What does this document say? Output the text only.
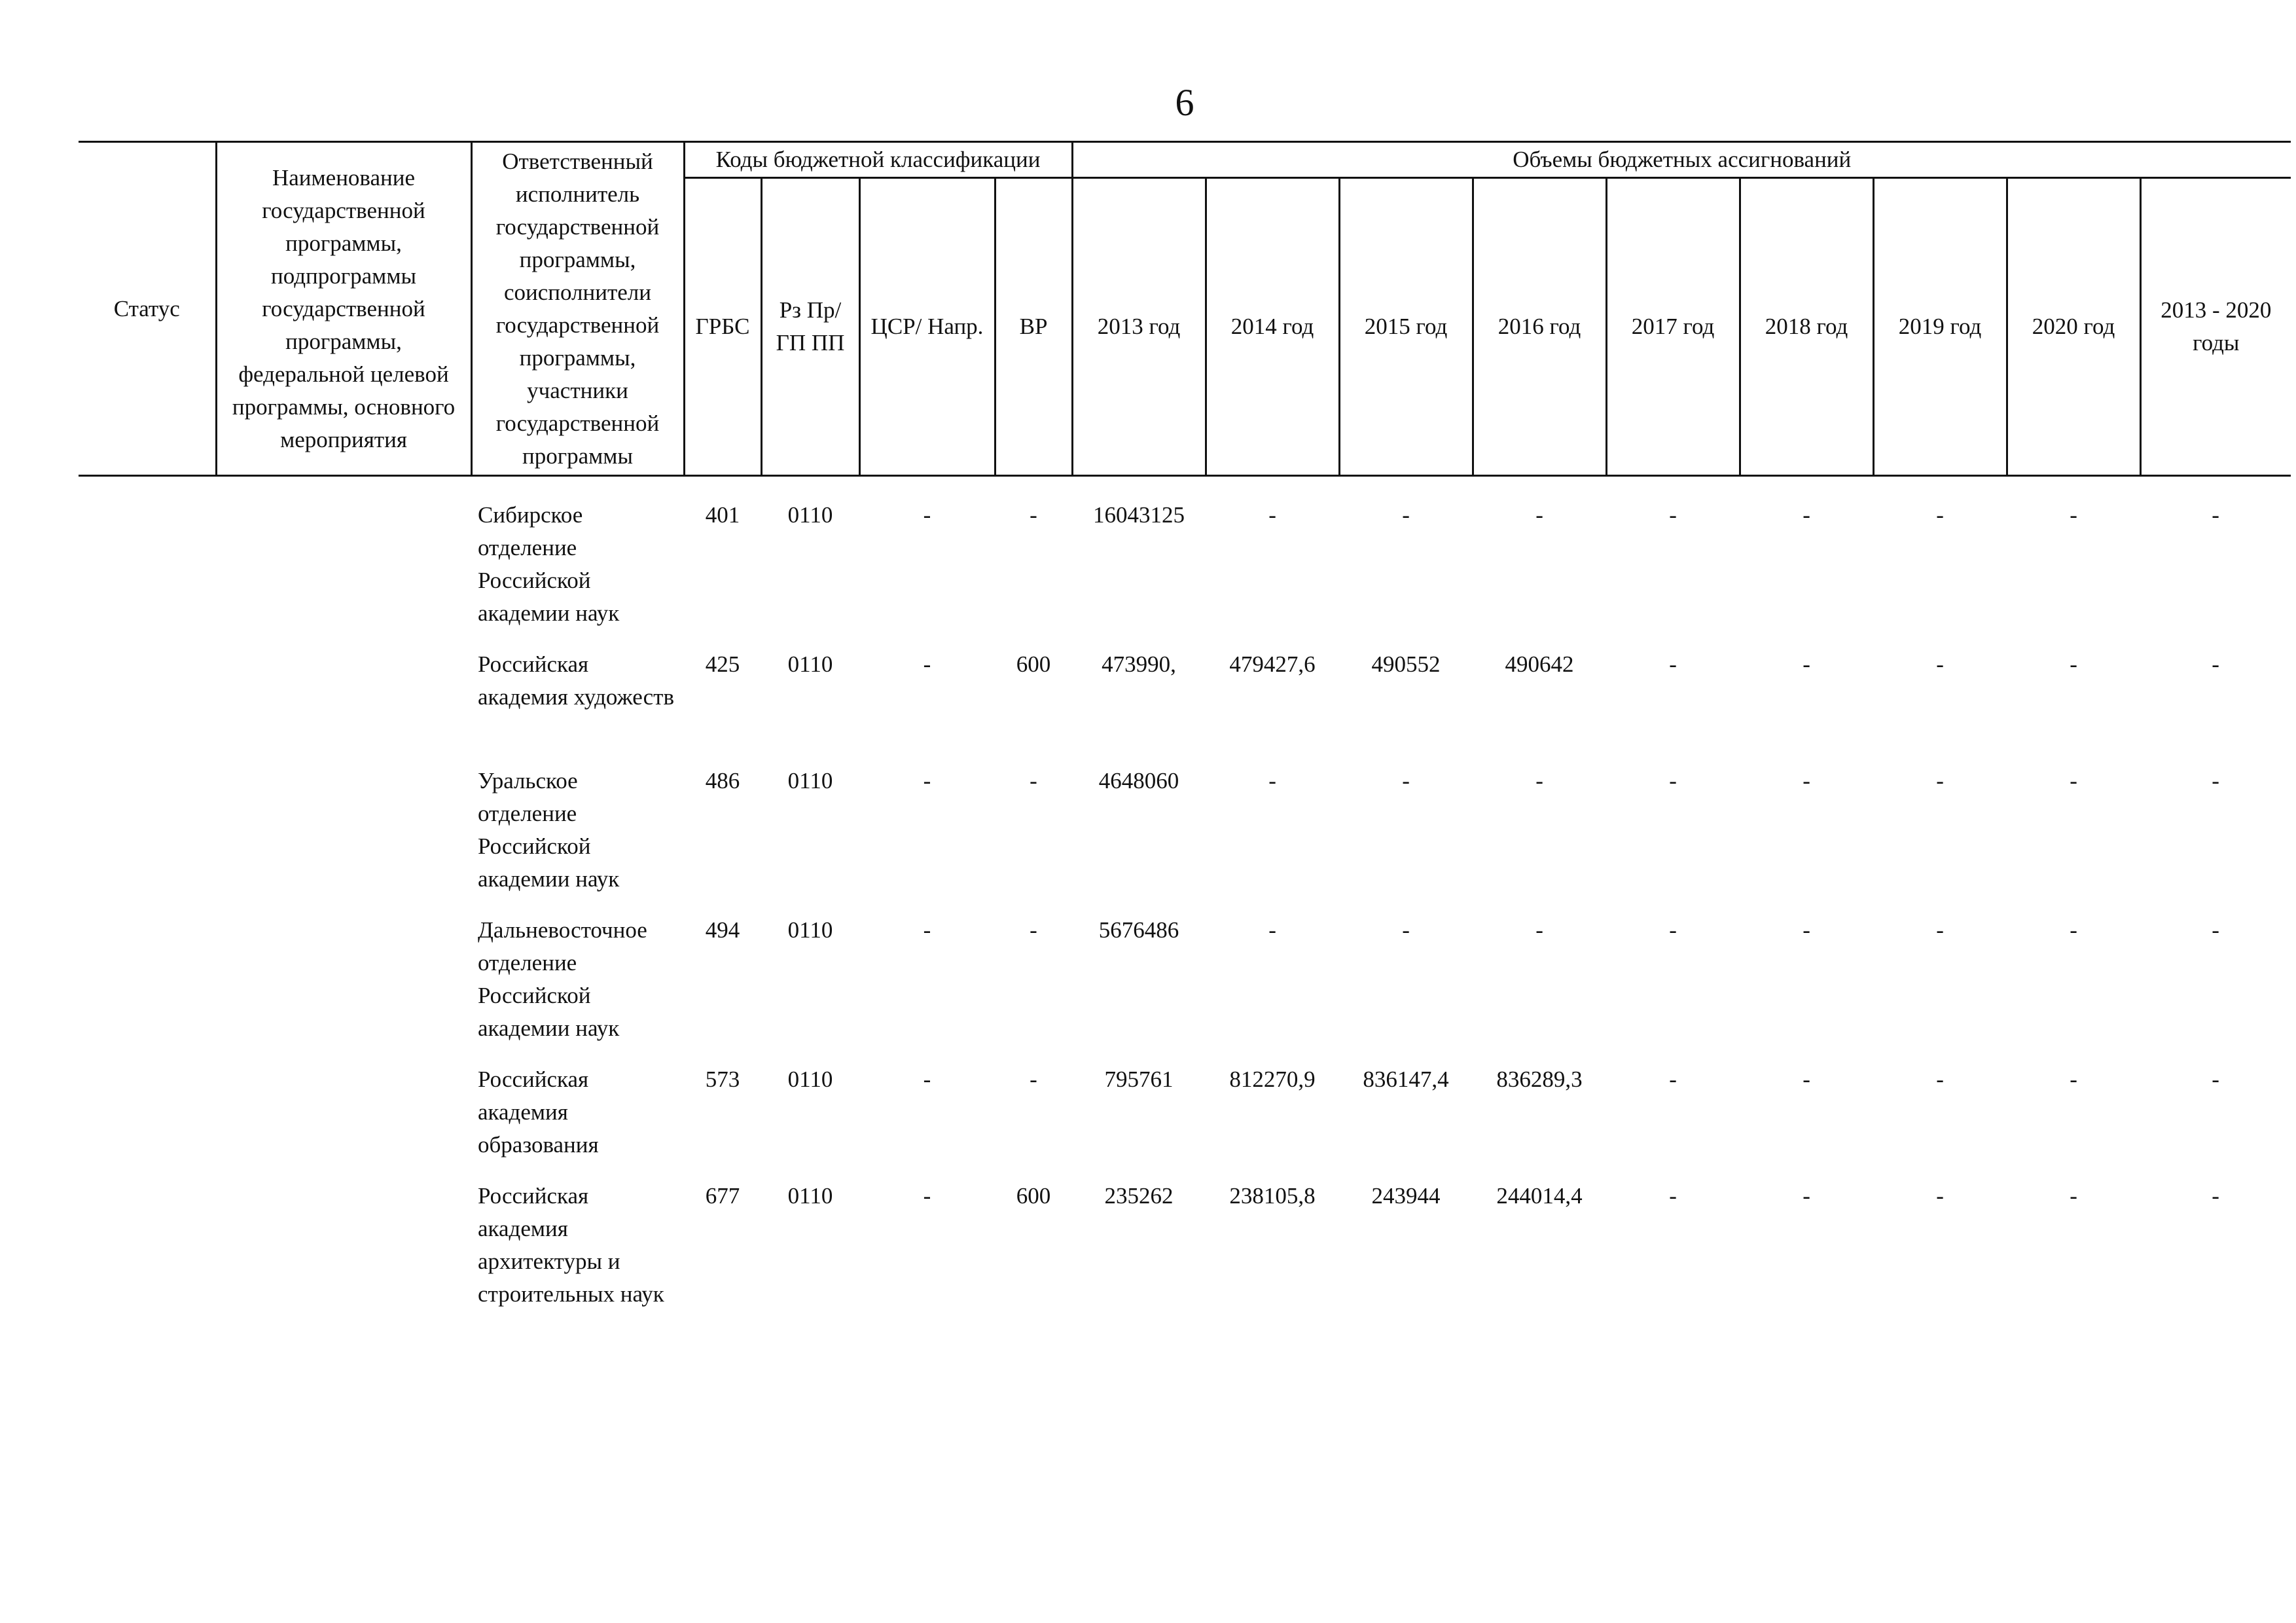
6
Статус	Наименование государственной программы, подпрограммы государственной программы, федеральной целевой программы, основного мероприятия	Ответственный исполнитель государственной программы, соисполнители государственной программы, участники государственной программы	Коды бюджетной классификации				Объемы бюджетных ассигнований								
			ГРБС	Рз Пр/ ГП ПП	ЦСР/ Напр.	ВР	2013 год	2014 год	2015 год	2016 год	2017 год	2018 год	2019 год	2020 год	2013 - 2020 годы

		Сибирское отделение Российской академии наук	401	0110	-	-	16043125	-	-	-	-	-	-	-	-
		Российская академия художеств	425	0110	-	600	473990,	479427,6	490552	490642	-	-	-	-	-
		Уральское отделение Российской академии наук	486	0110	-	-	4648060	-	-	-	-	-	-	-	-
		Дальневосточное отделение Российской академии наук	494	0110	-	-	5676486	-	-	-	-	-	-	-	-
		Российская академия образования	573	0110	-	-	795761	812270,9	836147,4	836289,3	-	-	-	-	-
		Российская академия архитектуры и строительных наук	677	0110	-	600	235262	238105,8	243944	244014,4	-	-	-	-	-
